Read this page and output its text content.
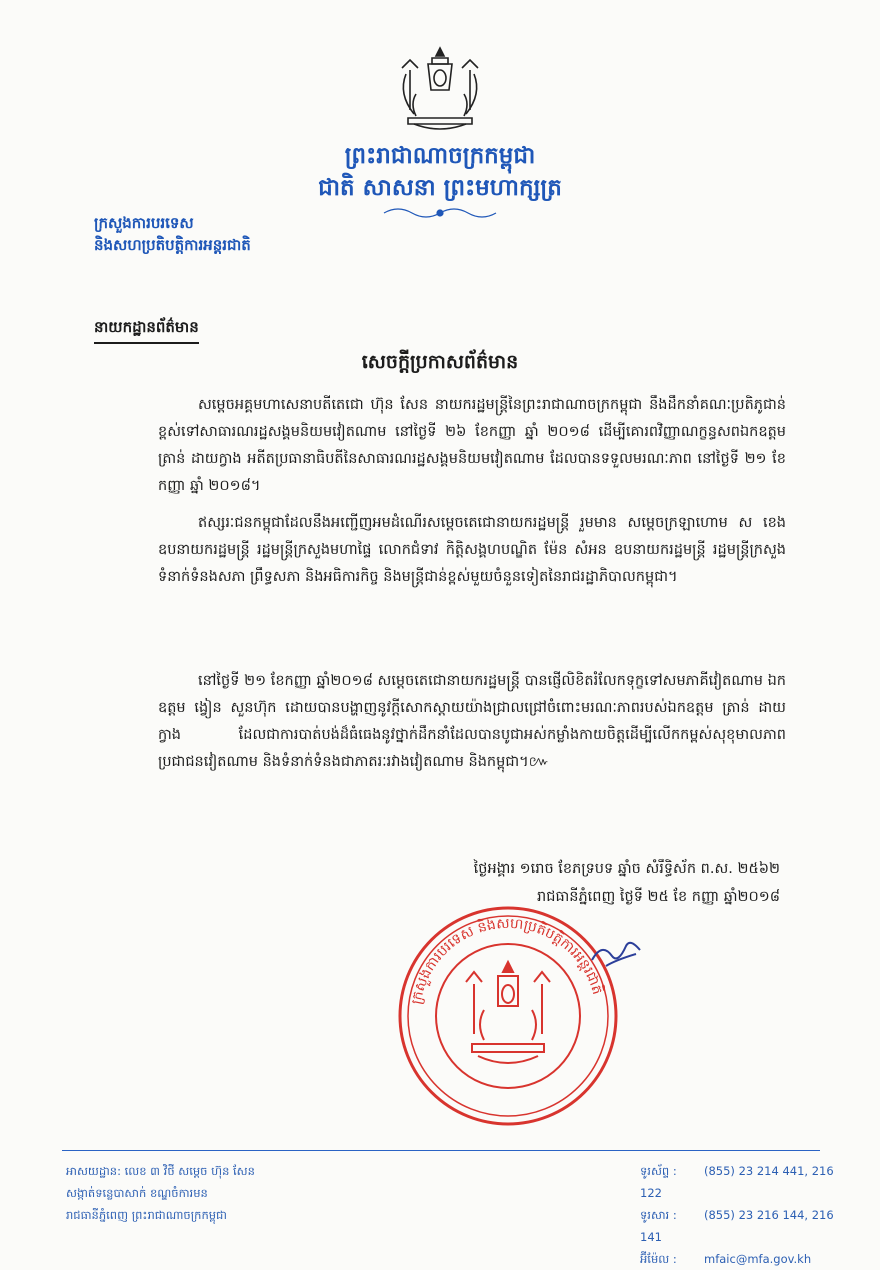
ព្រះរាជាណាចក្រកម្ពុជា
ជាតិ សាសនា ព្រះមហាក្សត្រ
ក្រសួងការបរទេស
និងសហប្រតិបត្តិការអន្តរជាតិ
នាយកដ្ឋានព័ត៌មាន
សេចក្តីប្រកាសព័ត៌មាន

សម្តេចអគ្គមហាសេនាបតីតេជោ ហ៊ុន សែន នាយករដ្ឋមន្ត្រីនៃព្រះរាជាណាចក្រកម្ពុជា នឹងដឹកនាំគណៈប្រតិភូជាន់ខ្ពស់ទៅសាធារណរដ្ឋសង្គមនិយមវៀតណាម នៅថ្ងៃទី ២៦ ខែកញ្ញា ឆ្នាំ ២០១៨ ដើម្បីគោរពវិញ្ញាណក្ខន្ធសពឯកឧត្តម ត្រាន់ ដាយក្វាង អតីតប្រធានាធិបតីនៃសាធារណរដ្ឋសង្គមនិយមវៀតណាម ដែលបានទទួលមរណៈភាព នៅថ្ងៃទី ២១ ខែ កញ្ញា ឆ្នាំ ២០១៨។

ឥស្សរៈជនកម្ពុជាដែលនឹងអញ្ជើញអមដំណើរសម្តេចតេជោនាយករដ្ឋមន្ត្រី រួមមាន សម្តេចក្រឡាហោម ស ខេង ឧបនាយករដ្ឋមន្ត្រី រដ្ឋមន្ត្រីក្រសួងមហាផ្ទៃ លោកជំទាវ កិត្តិសង្គហបណ្ឌិត ម៉ែន សំអន ឧបនាយករដ្ឋមន្ត្រី រដ្ឋមន្ត្រីក្រសួងទំនាក់ទំនងសភា ព្រឹទ្ធសភា និងអធិការកិច្ច និងមន្ត្រីជាន់ខ្ពស់មួយចំនួនទៀតនៃរាជរដ្ឋាភិបាលកម្ពុជា។

នៅថ្ងៃទី ២១ ខែកញ្ញា ឆ្នាំ២០១៨ សម្តេចតេជោនាយករដ្ឋមន្ត្រី បានផ្ញើលិខិតរំលែកទុក្ខទៅសមភាគីវៀតណាម ឯកឧត្តម ង្វៀន សួនហ៊ុក ដោយបានបង្ហាញនូវក្តីសោកស្តាយយ៉ាងជ្រាលជ្រៅចំពោះមរណៈភាពរបស់ឯកឧត្តម ត្រាន់ ដាយក្វាង ដែលជាការបាត់បង់ដ៏ធំធេងនូវថ្នាក់ដឹកនាំដែលបានបូជាអស់កម្លាំងកាយចិត្តដើម្បីលើកកម្ពស់សុខុមាលភាពប្រជាជនវៀតណាម និងទំនាក់ទំនងជាភាតរៈរវាងវៀតណាម និងកម្ពុជា។៚

ថ្ងៃអង្គារ ១រោច ខែភទ្របទ ឆ្នាំច សំរឹទ្ធិស័ក ព.ស. ២៥៦២
រាជធានីភ្នំពេញ ថ្ងៃទី ២៥ ខែ កញ្ញា ឆ្នាំ២០១៨
ក្រសួងការបរទេស និងសហប្រតិបត្តិការអន្តរជាតិ
អាសយដ្ឋាន: លេខ ៣ វិថី សម្តេច ហ៊ុន សែន
សង្កាត់ទន្លេបាសាក់ ខណ្ឌចំការមន
រាជធានីភ្នំពេញ ព្រះរាជាណាចក្រកម្ពុជា
ទូរស័ព្ទ : (855) 23 214 441, 216 122
ទូរសារ : (855) 23 216 144, 216 141
អ៊ីម៉ែល : mfaic@mfa.gov.kh
